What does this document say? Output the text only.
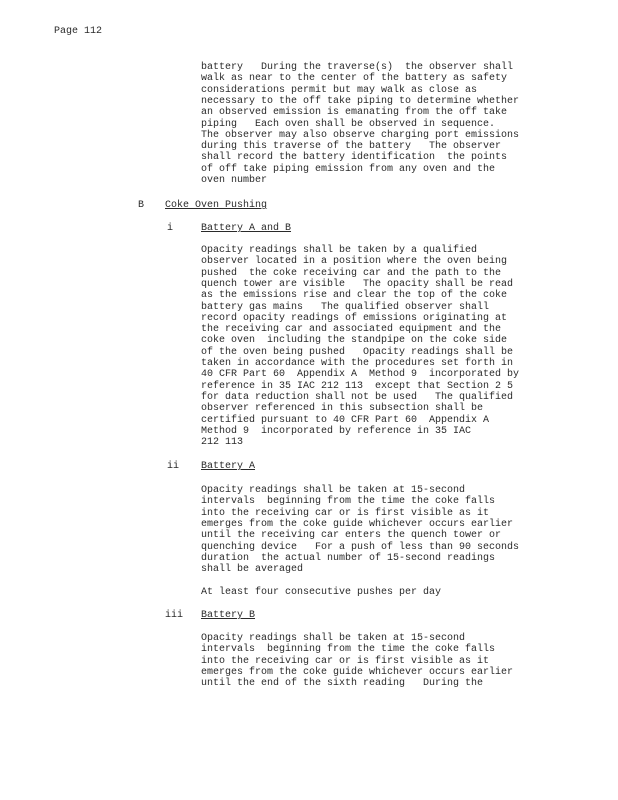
Page 112
battery   During the traverse(s)  the observer shall
walk as near to the center of the battery as safety
considerations permit but may walk as close as
necessary to the off take piping to determine whether
an observed emission is emanating from the off take
piping   Each oven shall be observed in sequence.
The observer may also observe charging port emissions
during this traverse of the battery   The observer
shall record the battery identification  the points
of off take piping emission from any oven and the
oven number
B Coke Oven Pushing
i	Battery A and B
Opacity readings shall be taken by a qualified
observer located in a position where the oven being
pushed  the coke receiving car and the path to the
quench tower are visible   The opacity shall be read
as the emissions rise and clear the top of the coke
battery gas mains   The qualified observer shall
record opacity readings of emissions originating at
the receiving car and associated equipment and the
coke oven  including the standpipe on the coke side
of the oven being pushed   Opacity readings shall be
taken in accordance with the procedures set forth in
40 CFR Part 60  Appendix A  Method 9  incorporated by
reference in 35 IAC 212 113  except that Section 2 5
for data reduction shall not be used   The qualified
observer referenced in this subsection shall be
certified pursuant to 40 CFR Part 60  Appendix A
Method 9  incorporated by reference in 35 IAC
212 113
ii Battery A
Opacity readings shall be taken at 15-second
intervals  beginning from the time the coke falls
into the receiving car or is first visible as it
emerges from the coke guide whichever occurs earlier
until the receiving car enters the quench tower or
quenching device   For a push of less than 90 seconds
duration  the actual number of 15-second readings
shall be averaged
At least four consecutive pushes per day
iii Battery B
Opacity readings shall be taken at 15-second
intervals  beginning from the time the coke falls
into the receiving car or is first visible as it
emerges from the coke guide whichever occurs earlier
until the end of the sixth reading   During the
